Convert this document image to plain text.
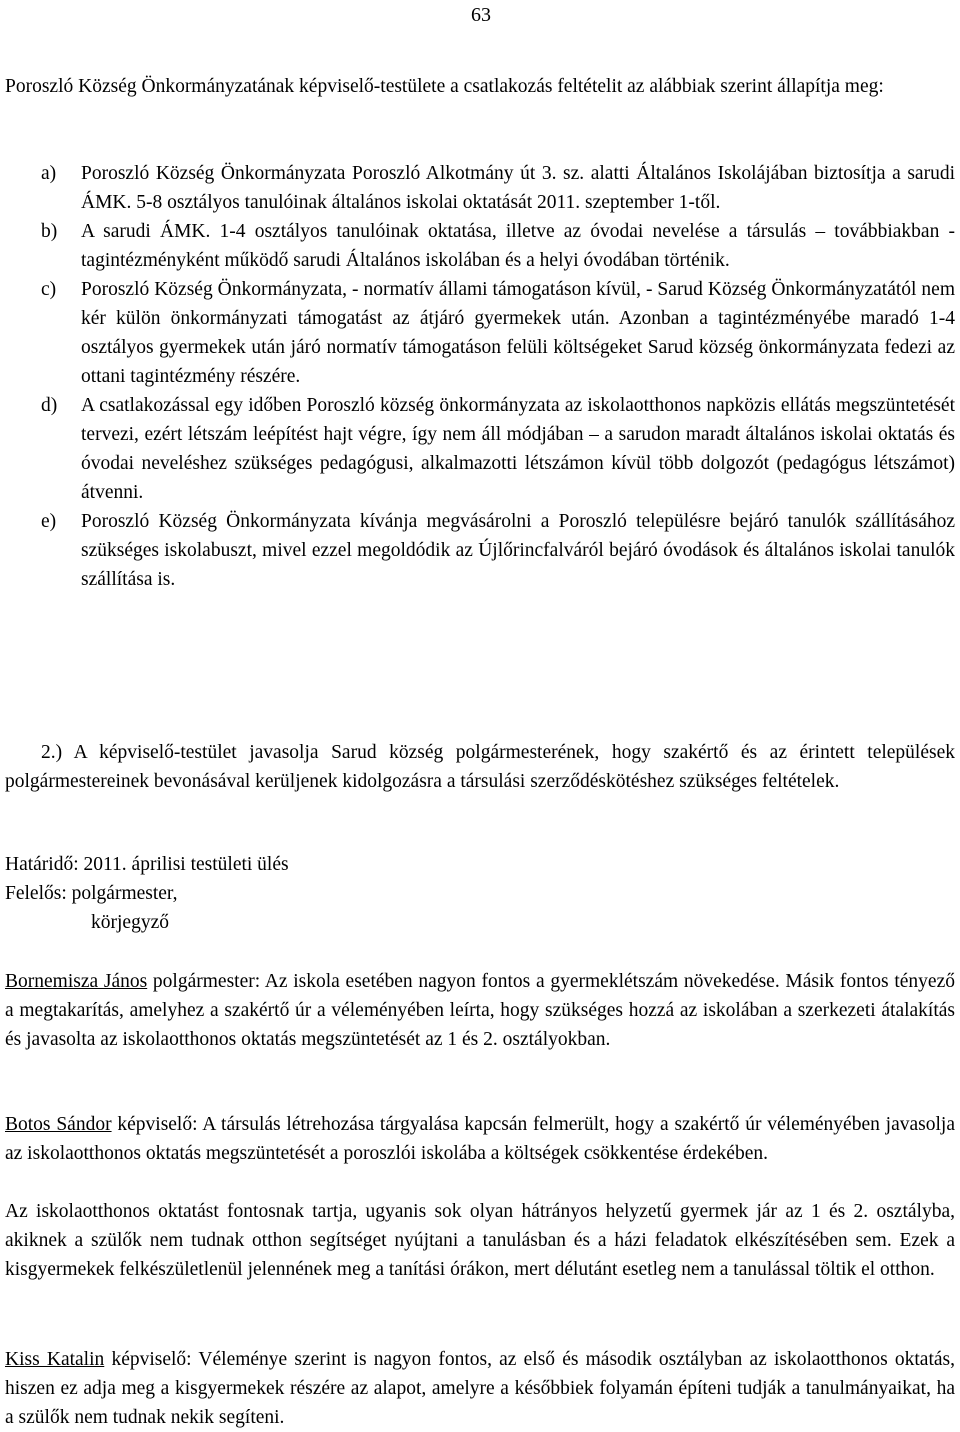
63

Poroszló Község Önkormányzatának képviselő-testülete a csatlakozás feltételit az alábbiak szerint állapítja meg:

a)	Poroszló Község Önkormányzata Poroszló Alkotmány út 3. sz. alatti Általános Iskolájában biztosítja a sarudi ÁMK. 5-8 osztályos tanulóinak általános iskolai oktatását 2011. szeptember 1-től.
b)	A sarudi ÁMK. 1-4 osztályos tanulóinak oktatása, illetve az óvodai nevelése a társulás – továbbiakban - tagintézményként működő sarudi Általános iskolában és a helyi óvodában történik.
c)	Poroszló Község Önkormányzata, - normatív állami támogatáson kívül, - Sarud Község Önkormányzatától nem kér külön önkormányzati támogatást az átjáró gyermekek után. Azonban a tagintézményébe maradó 1-4 osztályos gyermekek után járó normatív támogatáson felüli költségeket Sarud község önkormányzata fedezi az ottani tagintézmény részére.
d)	A csatlakozással egy időben Poroszló község önkormányzata az iskolaotthonos napközis ellátás megszüntetését tervezi, ezért létszám leépítést hajt végre, így nem áll módjában – a sarudon maradt általános iskolai oktatás és óvodai neveléshez szükséges pedagógusi, alkalmazotti létszámon kívül több dolgozót (pedagógus létszámot) átvenni.
e)	Poroszló Község Önkormányzata kívánja megvásárolni a Poroszló településre bejáró tanulók szállításához szükséges iskolabuszt, mivel ezzel megoldódik az Újlőrincfalváról bejáró óvodások és általános iskolai tanulók szállítása is.

2.) A képviselő-testület javasolja Sarud község polgármesterének, hogy szakértő és az érintett települések polgármestereinek bevonásával kerüljenek kidolgozásra a társulási szerződéskötéshez szükséges feltételek.

Határidő: 2011. áprilisi testületi ülés
Felelős: polgármester,
körjegyző

Bornemisza János polgármester: Az iskola esetében nagyon fontos a gyermeklétszám növekedése. Másik fontos tényező a megtakarítás, amelyhez a szakértő úr a véleményében leírta, hogy szükséges hozzá az iskolában a szerkezeti átalakítás és javasolta az iskolaotthonos oktatás megszüntetését az 1 és 2. osztályokban.

Botos Sándor képviselő: A társulás létrehozása tárgyalása kapcsán felmerült, hogy a szakértő úr véleményében javasolja az iskolaotthonos oktatás megszüntetését a poroszlói iskolába a költségek csökkentése érdekében.

Az iskolaotthonos oktatást fontosnak tartja, ugyanis sok olyan hátrányos helyzetű gyermek jár az 1 és 2. osztályba, akiknek a szülők nem tudnak otthon segítséget nyújtani a tanulásban és a házi feladatok elkészítésében sem. Ezek a kisgyermekek felkészületlenül jelennének meg a tanítási órákon, mert délutánt esetleg nem a tanulással töltik el otthon.

Kiss Katalin képviselő: Véleménye szerint is nagyon fontos, az első és második osztályban az iskolaotthonos oktatás, hiszen ez adja meg a kisgyermekek részére az alapot, amelyre a későbbiek folyamán építeni tudják a tanulmányaikat, ha a szülők nem tudnak nekik segíteni.
